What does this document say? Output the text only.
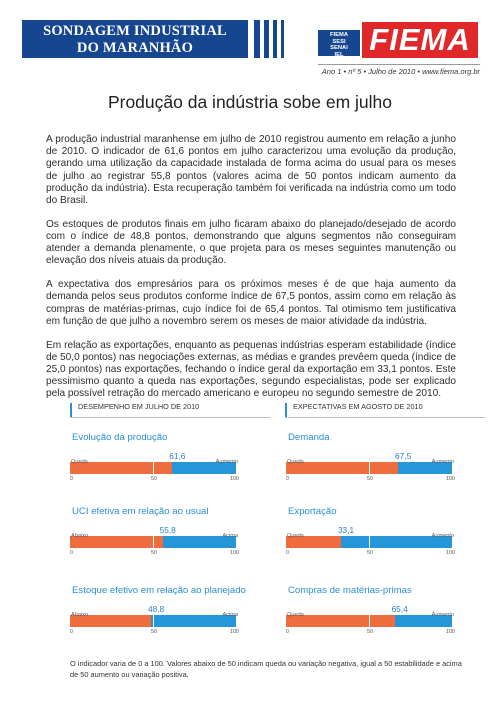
SONDAGEM INDUSTRIAL
DO MARANHÃO
FIEMA
SESI
SENAI
IEL FIEMA
Ano 1 • nº 5 • Julho de 2010 • www.fiema.org.br
Produção da indústria sobe em julho

A produção industrial maranhense em julho de 2010 registrou aumento em relação a junho de 2010. O indicador de 61,6 pontos em julho caracterizou uma evolução da produção, gerando uma utilização da capacidade instalada de forma acima do usual para os meses de julho ao registrar 55,8 pontos (valores acima de 50 pontos indicam aumento da produção da indústria). Esta recuperação também foi verificada na indústria como um todo do Brasil.

Os estoques de produtos finais em julho ficaram abaixo do planejado/desejado de acordo com o índice de 48,8 pontos, demonstrando que alguns segmentos não conseguiram atender a demanda plenamente, o que projeta para os meses seguintes manutenção ou elevação dos níveis atuais da produção.

A expectativa dos empresários para os próximos meses é de que haja aumento da demanda pelos seus produtos conforme índice de 67,5 pontos, assim como em relação às compras de matérias-primas, cujo índice foi de 65,4 pontos. Tal otimismo tem justificativa em função de que julho a novembro serem os meses de maior atividade da indústria.

Em relação as exportações, enquanto as pequenas indústrias esperam estabilidade (índice de 50,0 pontos) nas negociações externas, as médias e grandes prevêem queda (índice de 25,0 pontos) nas exportações, fechando o índice geral da exportação em 33,1 pontos. Este pessimismo quanto a queda nas exportações, segundo especialistas, pode ser explicado pela possível retração do mercado americano e europeu no segundo semestre de 2010.

DESEMPENHO EM JULHO DE 2010	EXPECTATIVAS EM AGOSTO DE 2010
Evolução da produção
Queda	Aumento
61,6
0	50	100
UCI efetiva em relação ao usual
Abaixo	Acima
55,8
0	50	100
Estoque efetivo em relação ao planejado
Abaixo	Acima
48,8
0	50	100
Demanda
Queda	Aumento
67,5
0	50	100
Exportação
Queda	Aumento
33,1
0	50	100
Compras de matérias-primas
Queda	Aumento
65,4
0	50	100
O indicador varia de 0 a 100. Valores abaixo de 50 indicam queda ou variação negativa, igual a 50 estabilidade e acima de 50 aumento ou variação positiva.
